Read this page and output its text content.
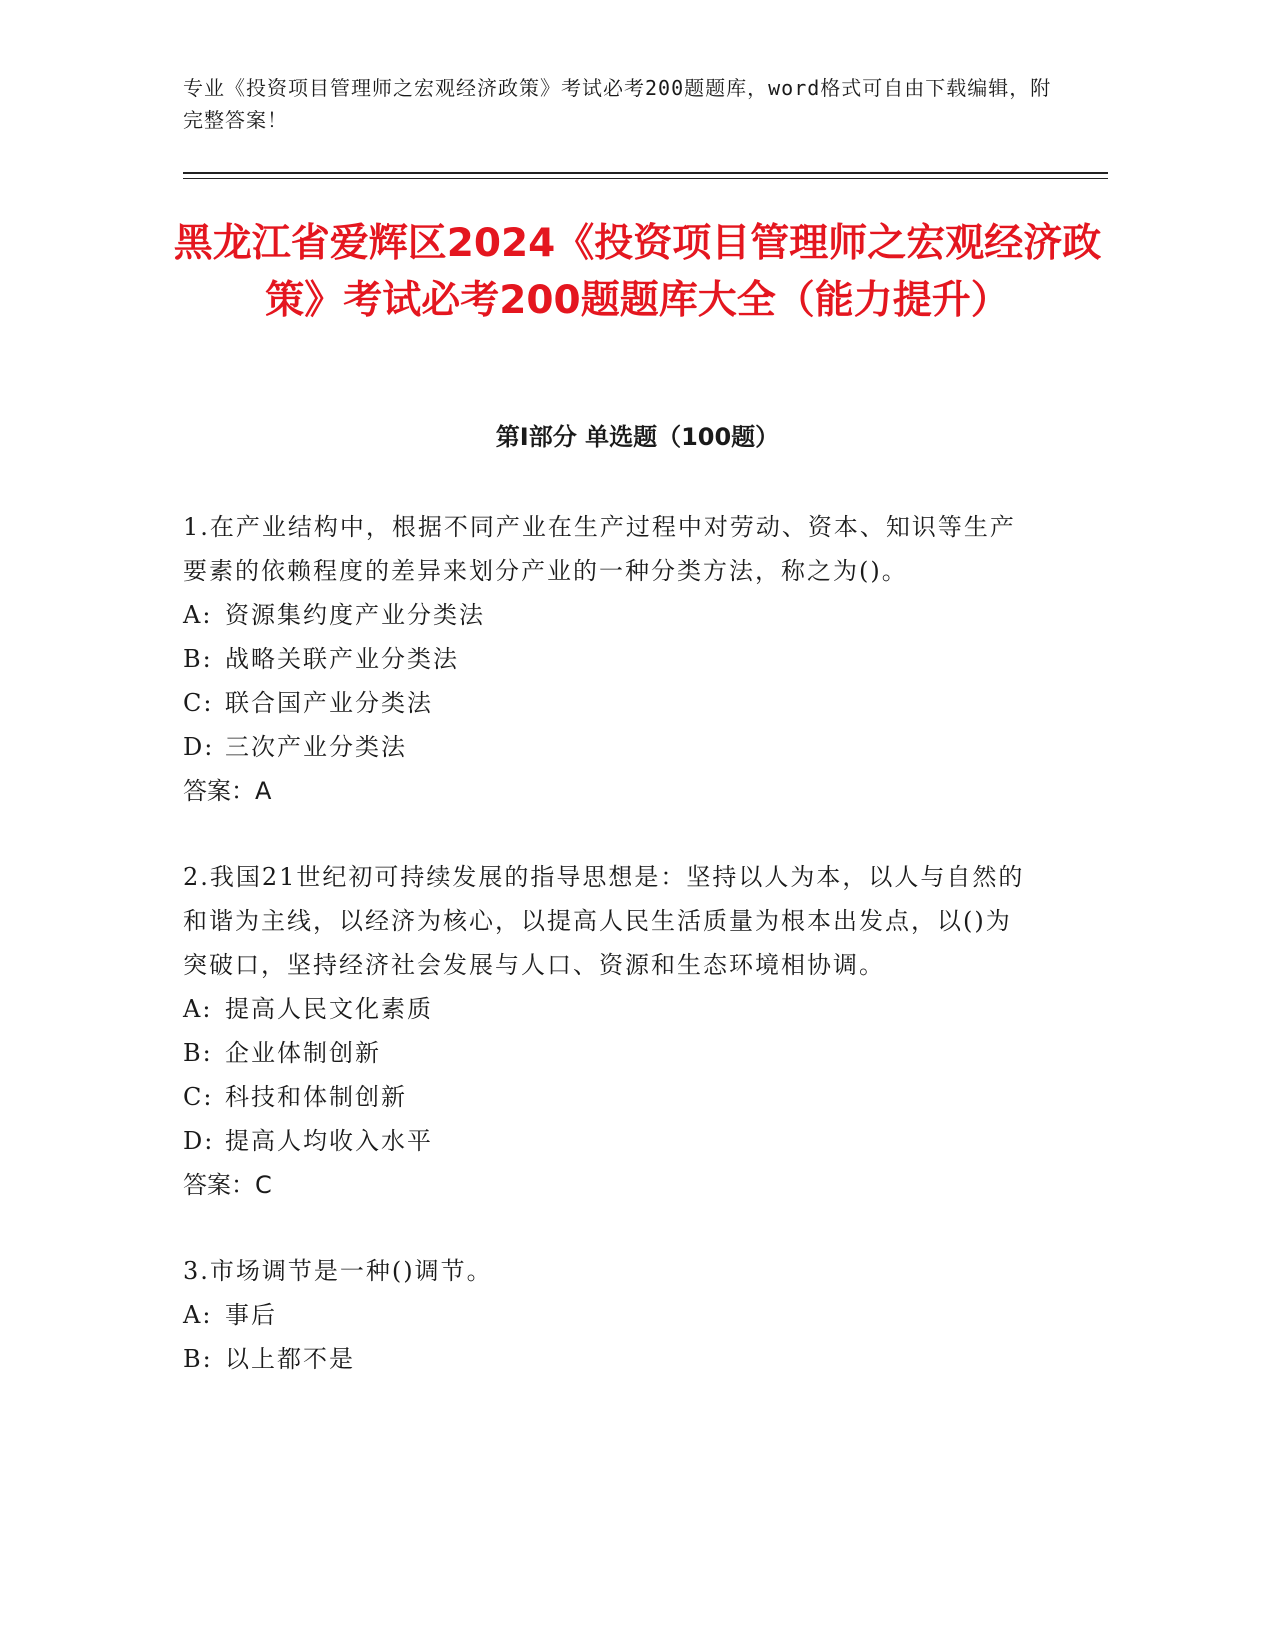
专业《投资项目管理师之宏观经济政策》考试必考200题题库，word格式可自由下载编辑，附完整答案！

黑龙江省爱辉区2024《投资项目管理师之宏观经济政策》考试必考200题题库大全（能力提升）
第Ⅰ部分 单选题（100题）
1.在产业结构中，根据不同产业在生产过程中对劳动、资本、知识等生产要素的依赖程度的差异来划分产业的一种分类方法，称之为()。
A: 资源集约度产业分类法
B: 战略关联产业分类法
C: 联合国产业分类法
D: 三次产业分类法
答案： A
2.我国21世纪初可持续发展的指导思想是：坚持以人为本，以人与自然的和谐为主线，以经济为核心，以提高人民生活质量为根本出发点，以()为突破口，坚持经济社会发展与人口、资源和生态环境相协调。
A: 提高人民文化素质
B: 企业体制创新
C: 科技和体制创新
D: 提高人均收入水平
答案： C
3.市场调节是一种()调节。
A: 事后
B: 以上都不是
